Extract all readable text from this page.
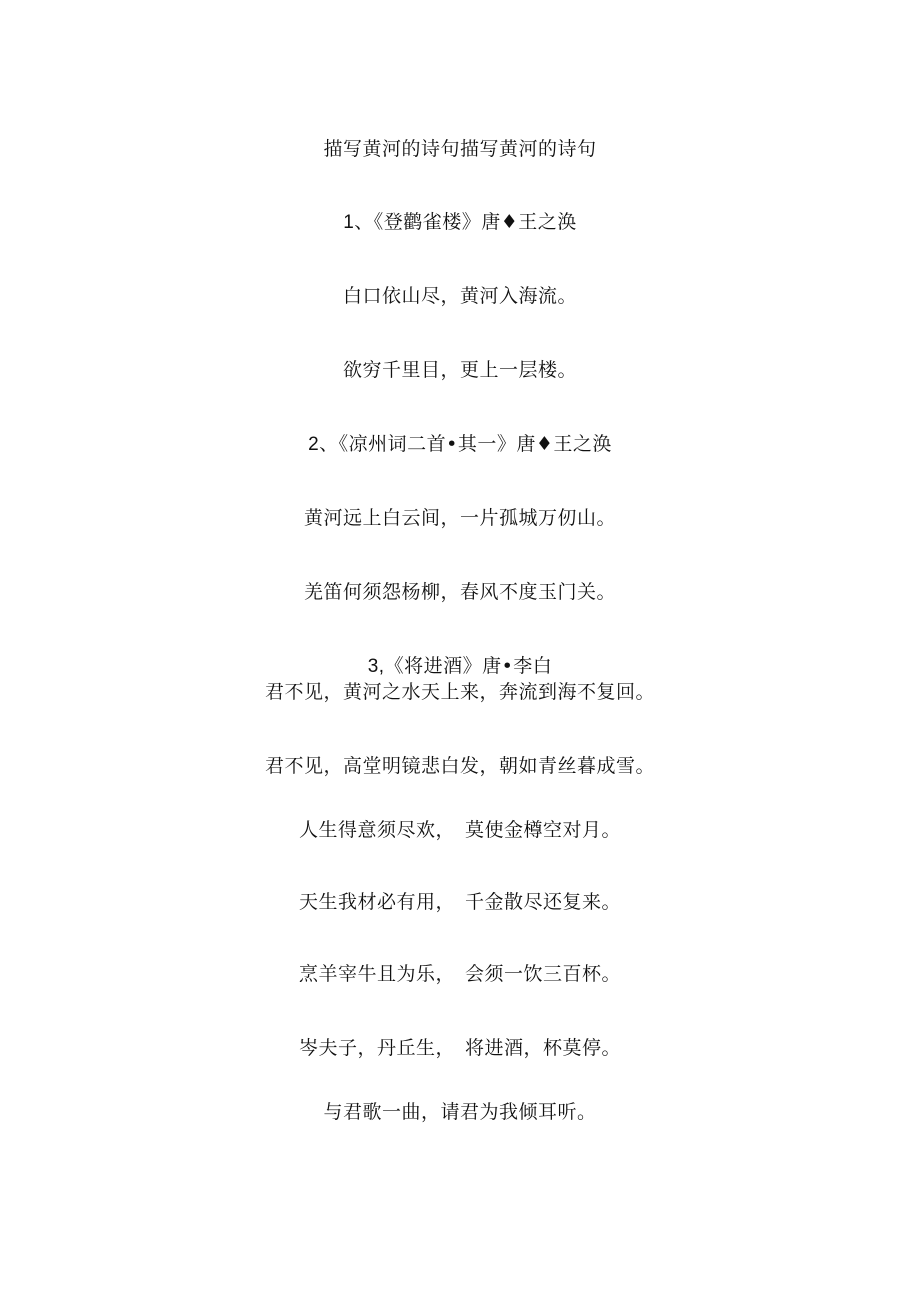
描写黄河的诗句描写黄河的诗句
1、《登鹳雀楼》唐♦王之涣
白口依山尽，黄河入海流。
欲穷千里目，更上一层楼。
2、《凉州词二首•其一》唐♦王之涣
黄河远上白云间，一片孤城万仞山。
羌笛何须怨杨柳，春风不度玉门关。
3,《将进酒》唐•李白
君不见，黄河之水天上来，奔流到海不复回。
君不见，高堂明镜悲白发，朝如青丝暮成雪。
人生得意须尽欢，　莫使金樽空对月。
天生我材必有用，　千金散尽还复来。
烹羊宰牛且为乐，　会须一饮三百杯。
岑夫子，丹丘生，　将进酒，杯莫停。
与君歌一曲，请君为我倾耳听。
